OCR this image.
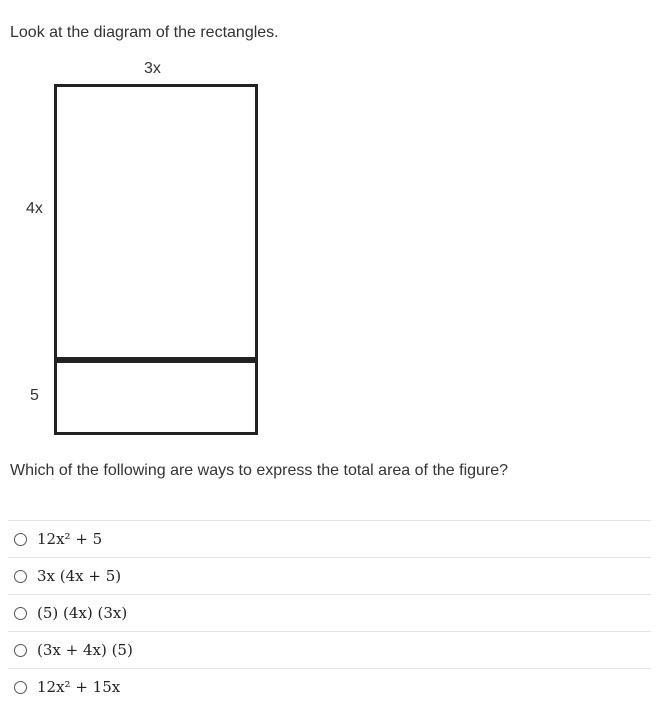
Look at the diagram of the rectangles.
3x
4x
5
Which of the following are ways to express the total area of the figure?
12x² + 5
3x (4x + 5)
(5) (4x) (3x)
(3x + 4x) (5)
12x² + 15x
